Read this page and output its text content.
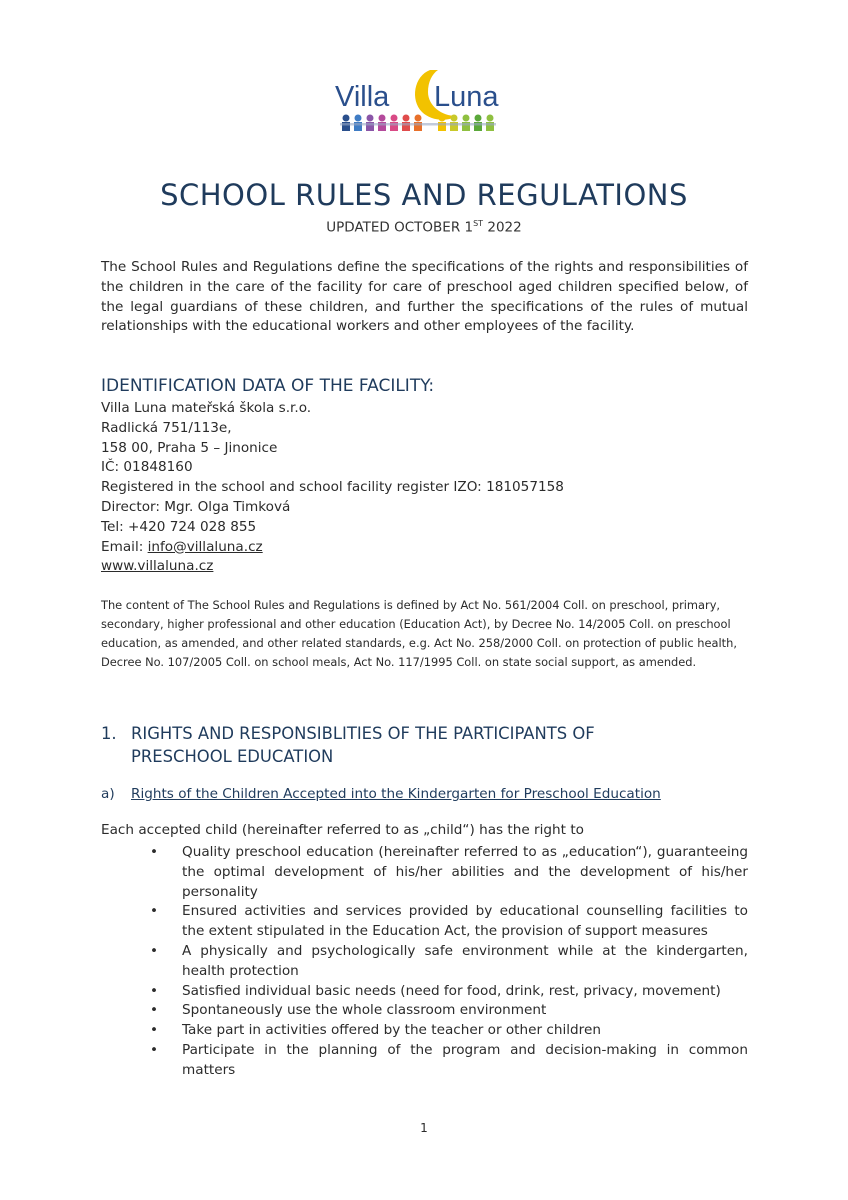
Villa Luna
SCHOOL RULES AND REGULATIONS
UPDATED OCTOBER 1ST 2022

The School Rules and Regulations define the specifications of the rights and responsibilities of the children in the care of the facility for care of preschool aged children specified below, of the legal guardians of these children, and further the specifications of the rules of mutual relationships with the educational workers and other employees of the facility.

IDENTIFICATION DATA OF THE FACILITY:
Villa Luna mateřská škola s.r.o.
Radlická 751/113e,
158 00, Praha 5 – Jinonice
IČ: 01848160
Registered in the school and school facility register IZO: 181057158
Director: Mgr. Olga Timková
Tel: +420 724 028 855
Email: info@villaluna.cz
www.villaluna.cz

The content of The School Rules and Regulations is defined by Act No. 561/2004 Coll. on preschool, primary, secondary, higher professional and other education (Education Act), by Decree No. 14/2005 Coll. on preschool education, as amended, and other related standards, e.g. Act No. 258/2000 Coll. on protection of public health, Decree No. 107/2005 Coll. on school meals, Act No. 117/1995 Coll. on state social support, as amended.

1. RIGHTS AND RESPONSIBLITIES OF THE PARTICIPANTS OF
PRESCHOOL EDUCATION
a) Rights of the Children Accepted into the Kindergarten for Preschool Education
Each accepted child (hereinafter referred to as „child“) has the right to
• Quality preschool education (hereinafter referred to as „education“), guaranteeing the optimal development of his/her abilities and the development of his/her personality
• Ensured activities and services provided by educational counselling facilities to the extent stipulated in the Education Act, the provision of support measures
• A physically and psychologically safe environment while at the kindergarten, health protection
• Satisfied individual basic needs (need for food, drink, rest, privacy, movement)
• Spontaneously use the whole classroom environment
• Take part in activities offered by the teacher or other children
• Participate in the planning of the program and decision-making in common matters
1
